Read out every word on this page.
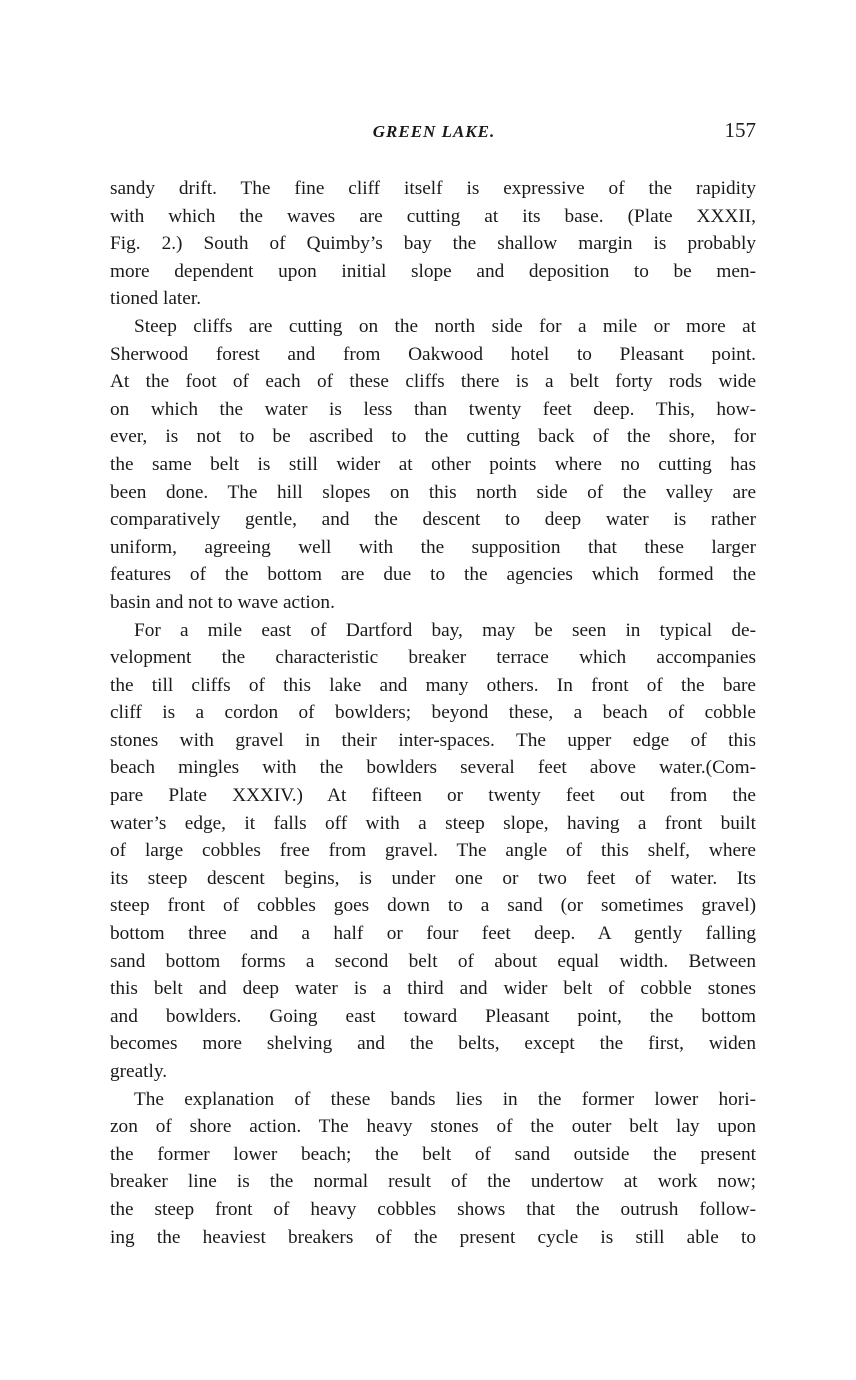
GREEN LAKE.	157
sandy drift. The fine cliff itself is expressive of the rapidity
with which the waves are cutting at its base. (Plate XXXII,
Fig. 2.) South of Quimby’s bay the shallow margin is probably
more dependent upon initial slope and deposition to be men-
tioned later.
Steep cliffs are cutting on the north side for a mile or more at
Sherwood forest and from Oakwood hotel to Pleasant point.
At the foot of each of these cliffs there is a belt forty rods wide
on which the water is less than twenty feet deep. This, how-
ever, is not to be ascribed to the cutting back of the shore, for
the same belt is still wider at other points where no cutting has
been done. The hill slopes on this north side of the valley are
comparatively gentle, and the descent to deep water is rather
uniform, agreeing well with the supposition that these larger
features of the bottom are due to the agencies which formed the
basin and not to wave action.
For a mile east of Dartford bay, may be seen in typical de-
velopment the characteristic breaker terrace which accompanies
the till cliffs of this lake and many others. In front of the bare
cliff is a cordon of bowlders; beyond these, a beach of cobble
stones with gravel in their inter-spaces. The upper edge of this
beach mingles with the bowlders several feet above water.(Com-
pare Plate XXXIV.) At fifteen or twenty feet out from the
water’s edge, it falls off with a steep slope, having a front built
of large cobbles free from gravel. The angle of this shelf, where
its steep descent begins, is under one or two feet of water. Its
steep front of cobbles goes down to a sand (or sometimes gravel)
bottom three and a half or four feet deep. A gently falling
sand bottom forms a second belt of about equal width. Between
this belt and deep water is a third and wider belt of cobble stones
and bowlders. Going east toward Pleasant point, the bottom
becomes more shelving and the belts, except the first, widen
greatly.
The explanation of these bands lies in the former lower hori-
zon of shore action. The heavy stones of the outer belt lay upon
the former lower beach; the belt of sand outside the present
breaker line is the normal result of the undertow at work now;
the steep front of heavy cobbles shows that the outrush follow-
ing the heaviest breakers of the present cycle is still able to
